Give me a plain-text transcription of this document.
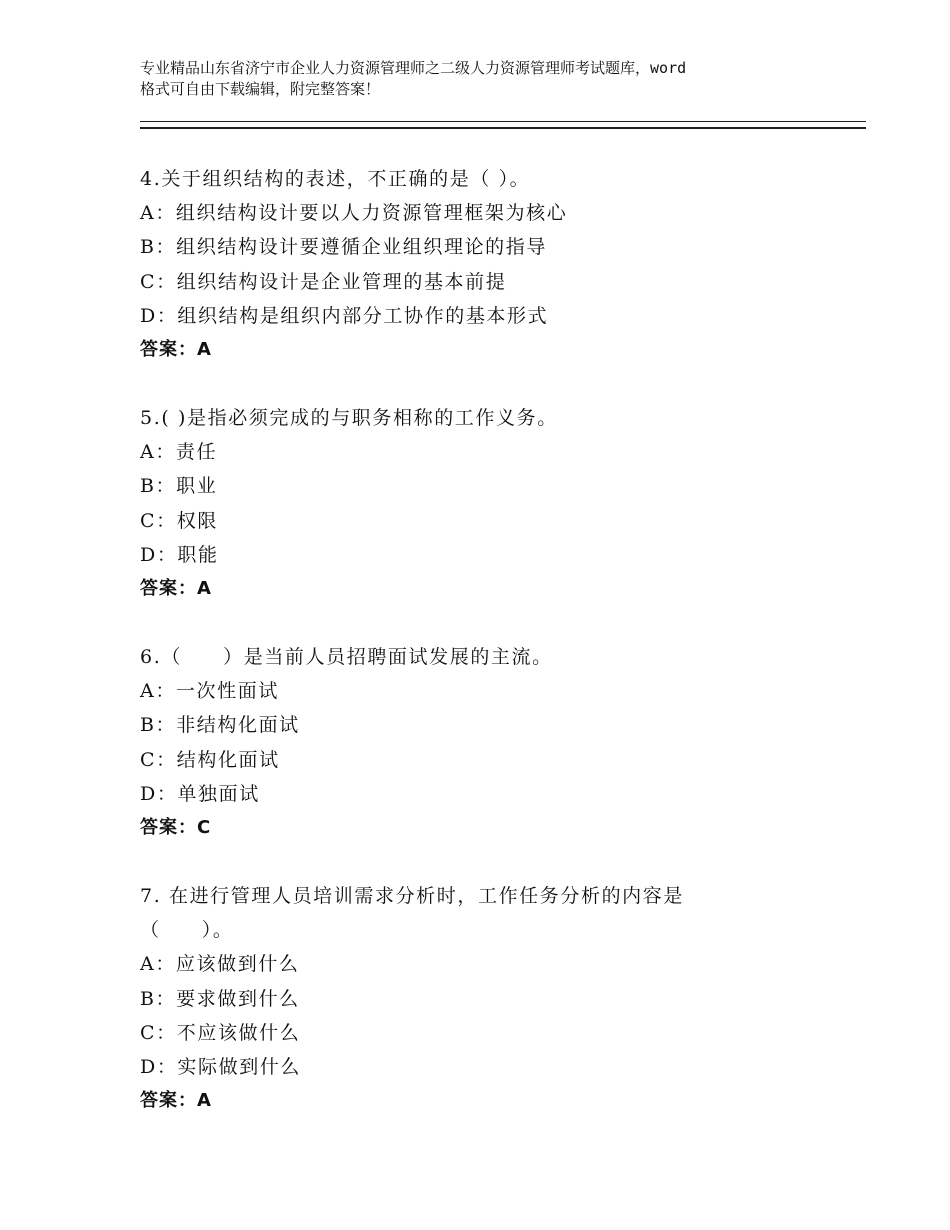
专业精品山东省济宁市企业人力资源管理师之二级人力资源管理师考试题库，word
格式可自由下载编辑，附完整答案！
4.关于组织结构的表述，不正确的是（ ）。
A：组织结构设计要以人力资源管理框架为核心
B：组织结构设计要遵循企业组织理论的指导
C：组织结构设计是企业管理的基本前提
D：组织结构是组织内部分工协作的基本形式
答案：A
5.( )是指必须完成的与职务相称的工作义务。
A：责任
B：职业
C：权限
D：职能
答案：A
6.（　　）是当前人员招聘面试发展的主流。
A：一次性面试
B：非结构化面试
C：结构化面试
D：单独面试
答案：C
7. 在进行管理人员培训需求分析时，工作任务分析的内容是（　　）。
A：应该做到什么
B：要求做到什么
C：不应该做什么
D：实际做到什么
答案：A
